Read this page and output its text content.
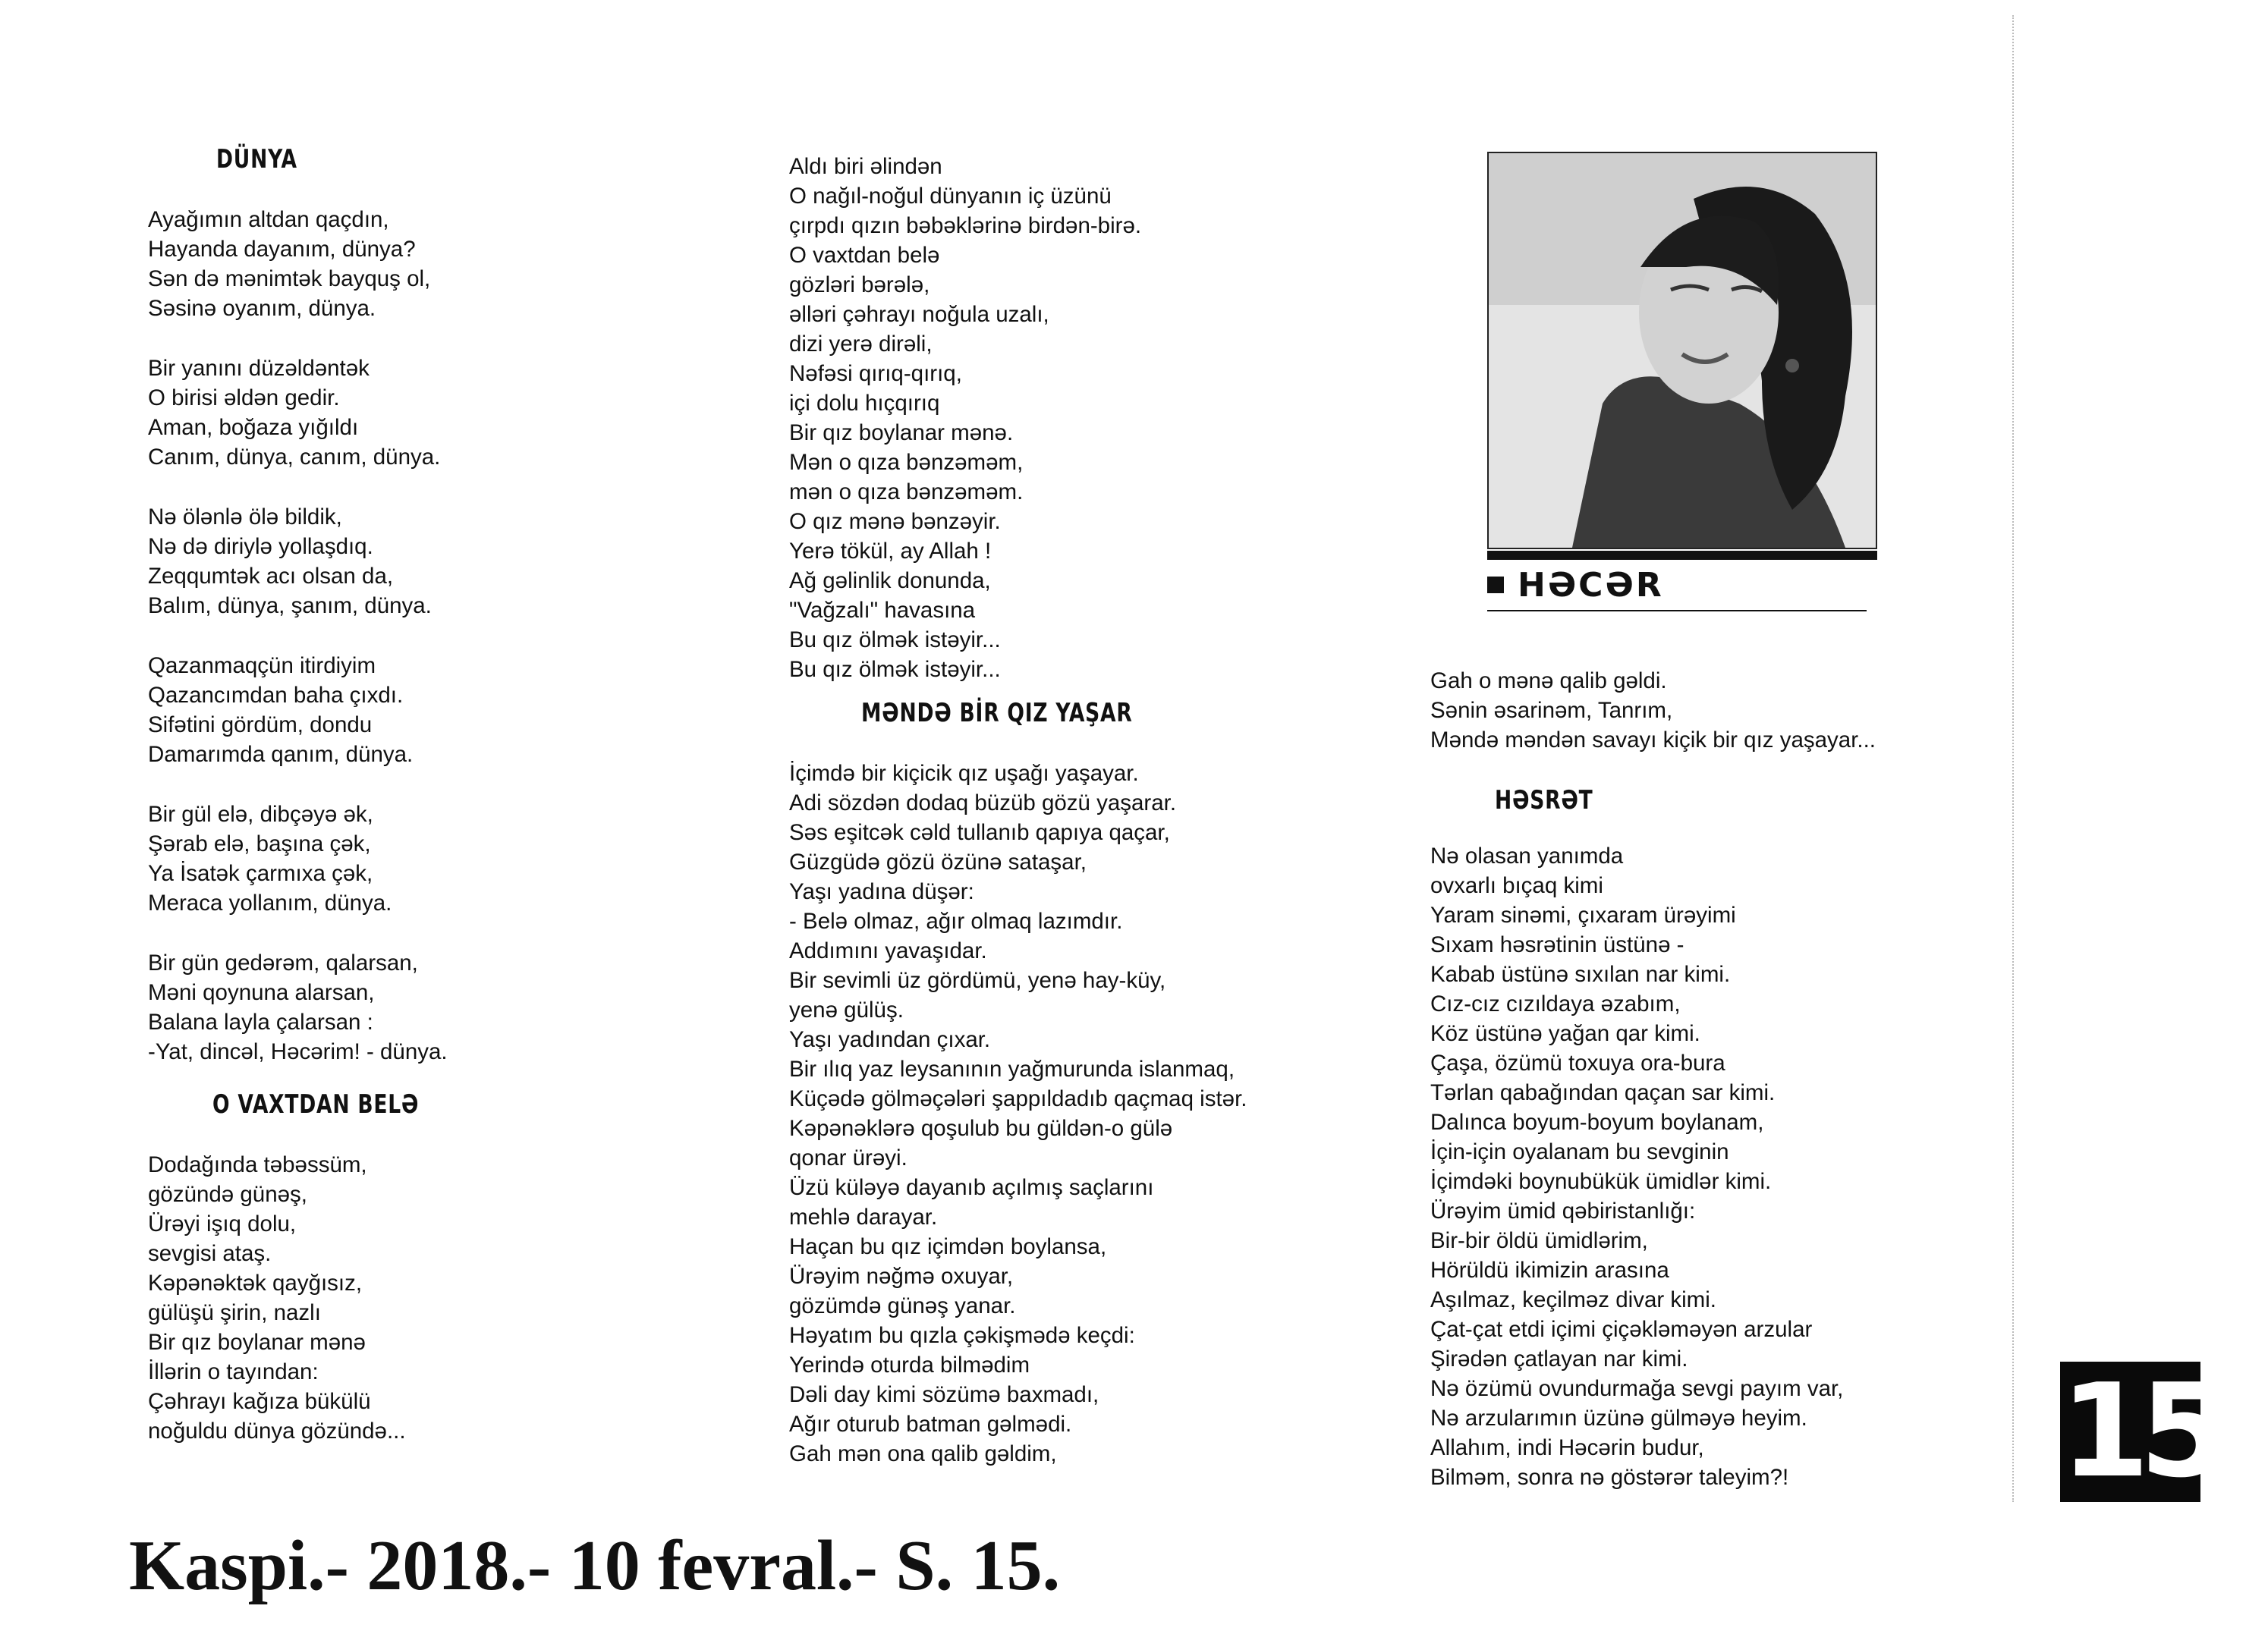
DÜNYA
Ayağımın altdan qaçdın,
Hayanda dayanım, dünya?
Sən də mənimtək bayquş ol,
Səsinə oyanım, dünya.
Bir yanını düzəldəntək
O birisi əldən gedir.
Aman, boğaza yığıldı
Canım, dünya, canım, dünya.
Nə ölənlə ölə bildik,
Nə də diriylə yollaşdıq.
Zeqqumtək acı olsan da,
Balım, dünya, şanım, dünya.
Qazanmaqçün itirdiyim
Qazancımdan baha çıxdı.
Sifətini gördüm, dondu
Damarımda qanım, dünya.
Bir gül elə, dibçəyə ək,
Şərab elə, başına çək,
Ya İsatək çarmıxa çək,
Meraca yollanım, dünya.
Bir gün gedərəm, qalarsan,
Məni qoynuna alarsan,
Balana layla çalarsan :
-Yat, dincəl, Həcərim! - dünya.
O VAXTDAN BELƏ
Dodağında təbəssüm,
gözündə günəş,
Ürəyi işıq dolu,
sevgisi ataş.
Kəpənəktək qayğısız,
gülüşü şirin, nazlı
Bir qız boylanar mənə
İllərin o tayından:
Çəhrayı kağıza bükülü
noğuldu dünya gözündə...
Aldı biri əlindən
O nağıl-noğul dünyanın iç üzünü
çırpdı qızın bəbəklərinə birdən-birə.
O vaxtdan belə
gözləri bərələ,
əlləri çəhrayı noğula uzalı,
dizi yerə dirəli,
Nəfəsi qırıq-qırıq,
içi dolu hıçqırıq
Bir qız boylanar mənə.
Mən o qıza bənzəməm,
mən o qıza bənzəməm.
O qız mənə bənzəyir.
Yerə tökül, ay Allah !
Ağ gəlinlik donunda,
"Vağzalı" havasına
Bu qız ölmək istəyir...
Bu qız ölmək istəyir...
MƏNDƏ BİR QIZ YAŞAR
İçimdə bir kiçicik qız uşağı yaşayar.
Adi sözdən dodaq büzüb gözü yaşarar.
Səs eşitcək cəld tullanıb qapıya qaçar,
Güzgüdə gözü özünə sataşar,
Yaşı yadına düşər:
- Belə olmaz, ağır olmaq lazımdır.
Addımını yavaşıdar.
Bir sevimli üz gördümü, yenə hay-küy,
yenə gülüş.
Yaşı yadından çıxar.
Bir ılıq yaz leysanının yağmurunda islanmaq,
Küçədə gölməçələri şappıldadıb qaçmaq istər.
Kəpənəklərə qoşulub bu güldən-o gülə
qonar ürəyi.
Üzü küləyə dayanıb açılmış saçlarını
mehlə darayar.
Haçan bu qız içimdən boylansa,
Ürəyim nəğmə oxuyar,
gözümdə günəş yanar.
Həyatım bu qızla çəkişmədə keçdi:
Yerində oturda bilmədim
Dəli day kimi sözümə baxmadı,
Ağır oturub batman gəlmədi.
Gah mən ona qalib gəldim,
HƏCƏR
Gah o mənə qalib gəldi.
Sənin əsarinəm, Tanrım,
Məndə məndən savayı kiçik bir qız yaşayar...
HƏSRƏT
Nə olasan yanımda
ovxarlı bıçaq kimi
Yaram sinəmi, çıxaram ürəyimi
Sıxam həsrətinin üstünə -
Kabab üstünə sıxılan nar kimi.
Cız-cız cızıldaya əzabım,
Köz üstünə yağan qar kimi.
Çaşa, özümü toxuya ora-bura
Tərlan qabağından qaçan sar kimi.
Dalınca boyum-boyum boylanam,
İçin-için oyalanam bu sevginin
İçimdəki boynubükük ümidlər kimi.
Ürəyim ümid qəbiristanlığı:
Bir-bir öldü ümidlərim,
Hörüldü ikimizin arasına
Aşılmaz, keçilməz divar kimi.
Çat-çat etdi içimi çiçəkləməyən arzular
Şirədən çatlayan nar kimi.
Nə özümü ovundurmağa sevgi payım var,
Nə arzularımın üzünə gülməyə heyim.
Allahım, indi Həcərin budur,
Bilməm, sonra nə göstərər taleyim?!	15
Kaspi.- 2018.- 10 fevral.- S. 15.
